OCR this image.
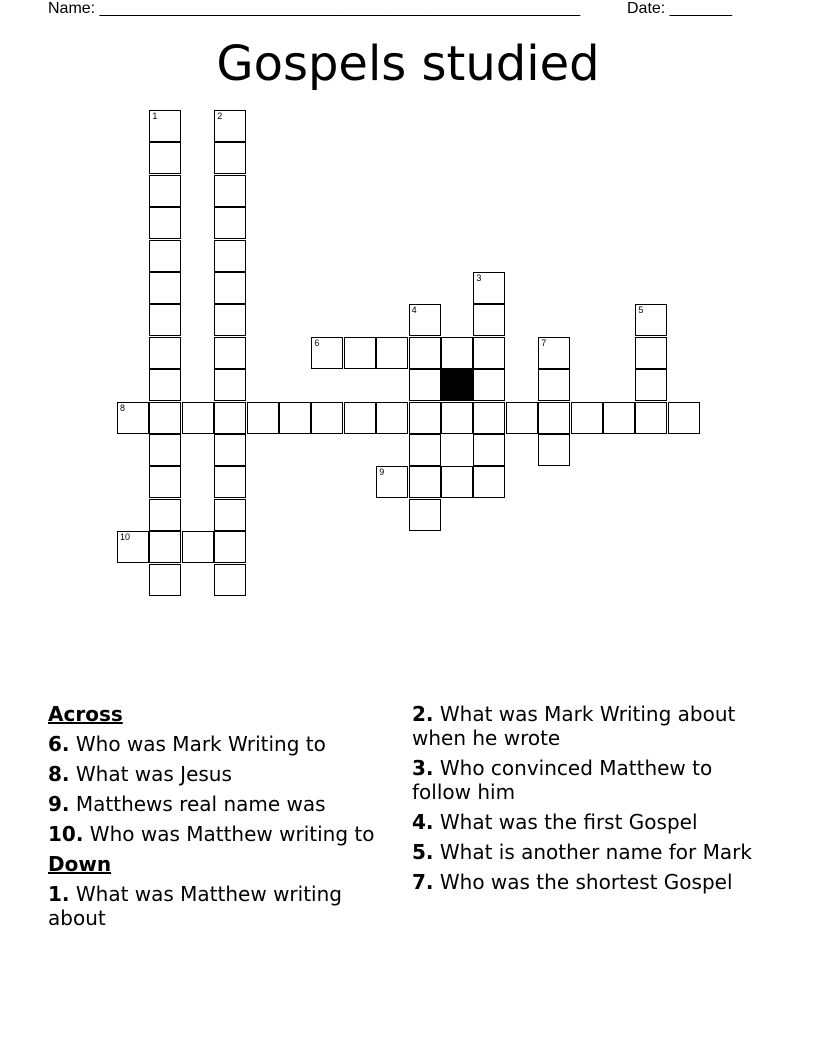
Name: ______________________________________________________	Date: _______
Gospels studied
1	2
3
4	5
6	7
8
9
10
Across
6. Who was Mark Writing to
8. What was Jesus
9. Matthews real name was
10. Who was Matthew writing to
Down
1. What was Matthew writing about
2. What was Mark Writing about when he wrote
3. Who convinced Matthew to follow him
4. What was the first Gospel
5. What is another name for Mark
7. Who was the shortest Gospel
